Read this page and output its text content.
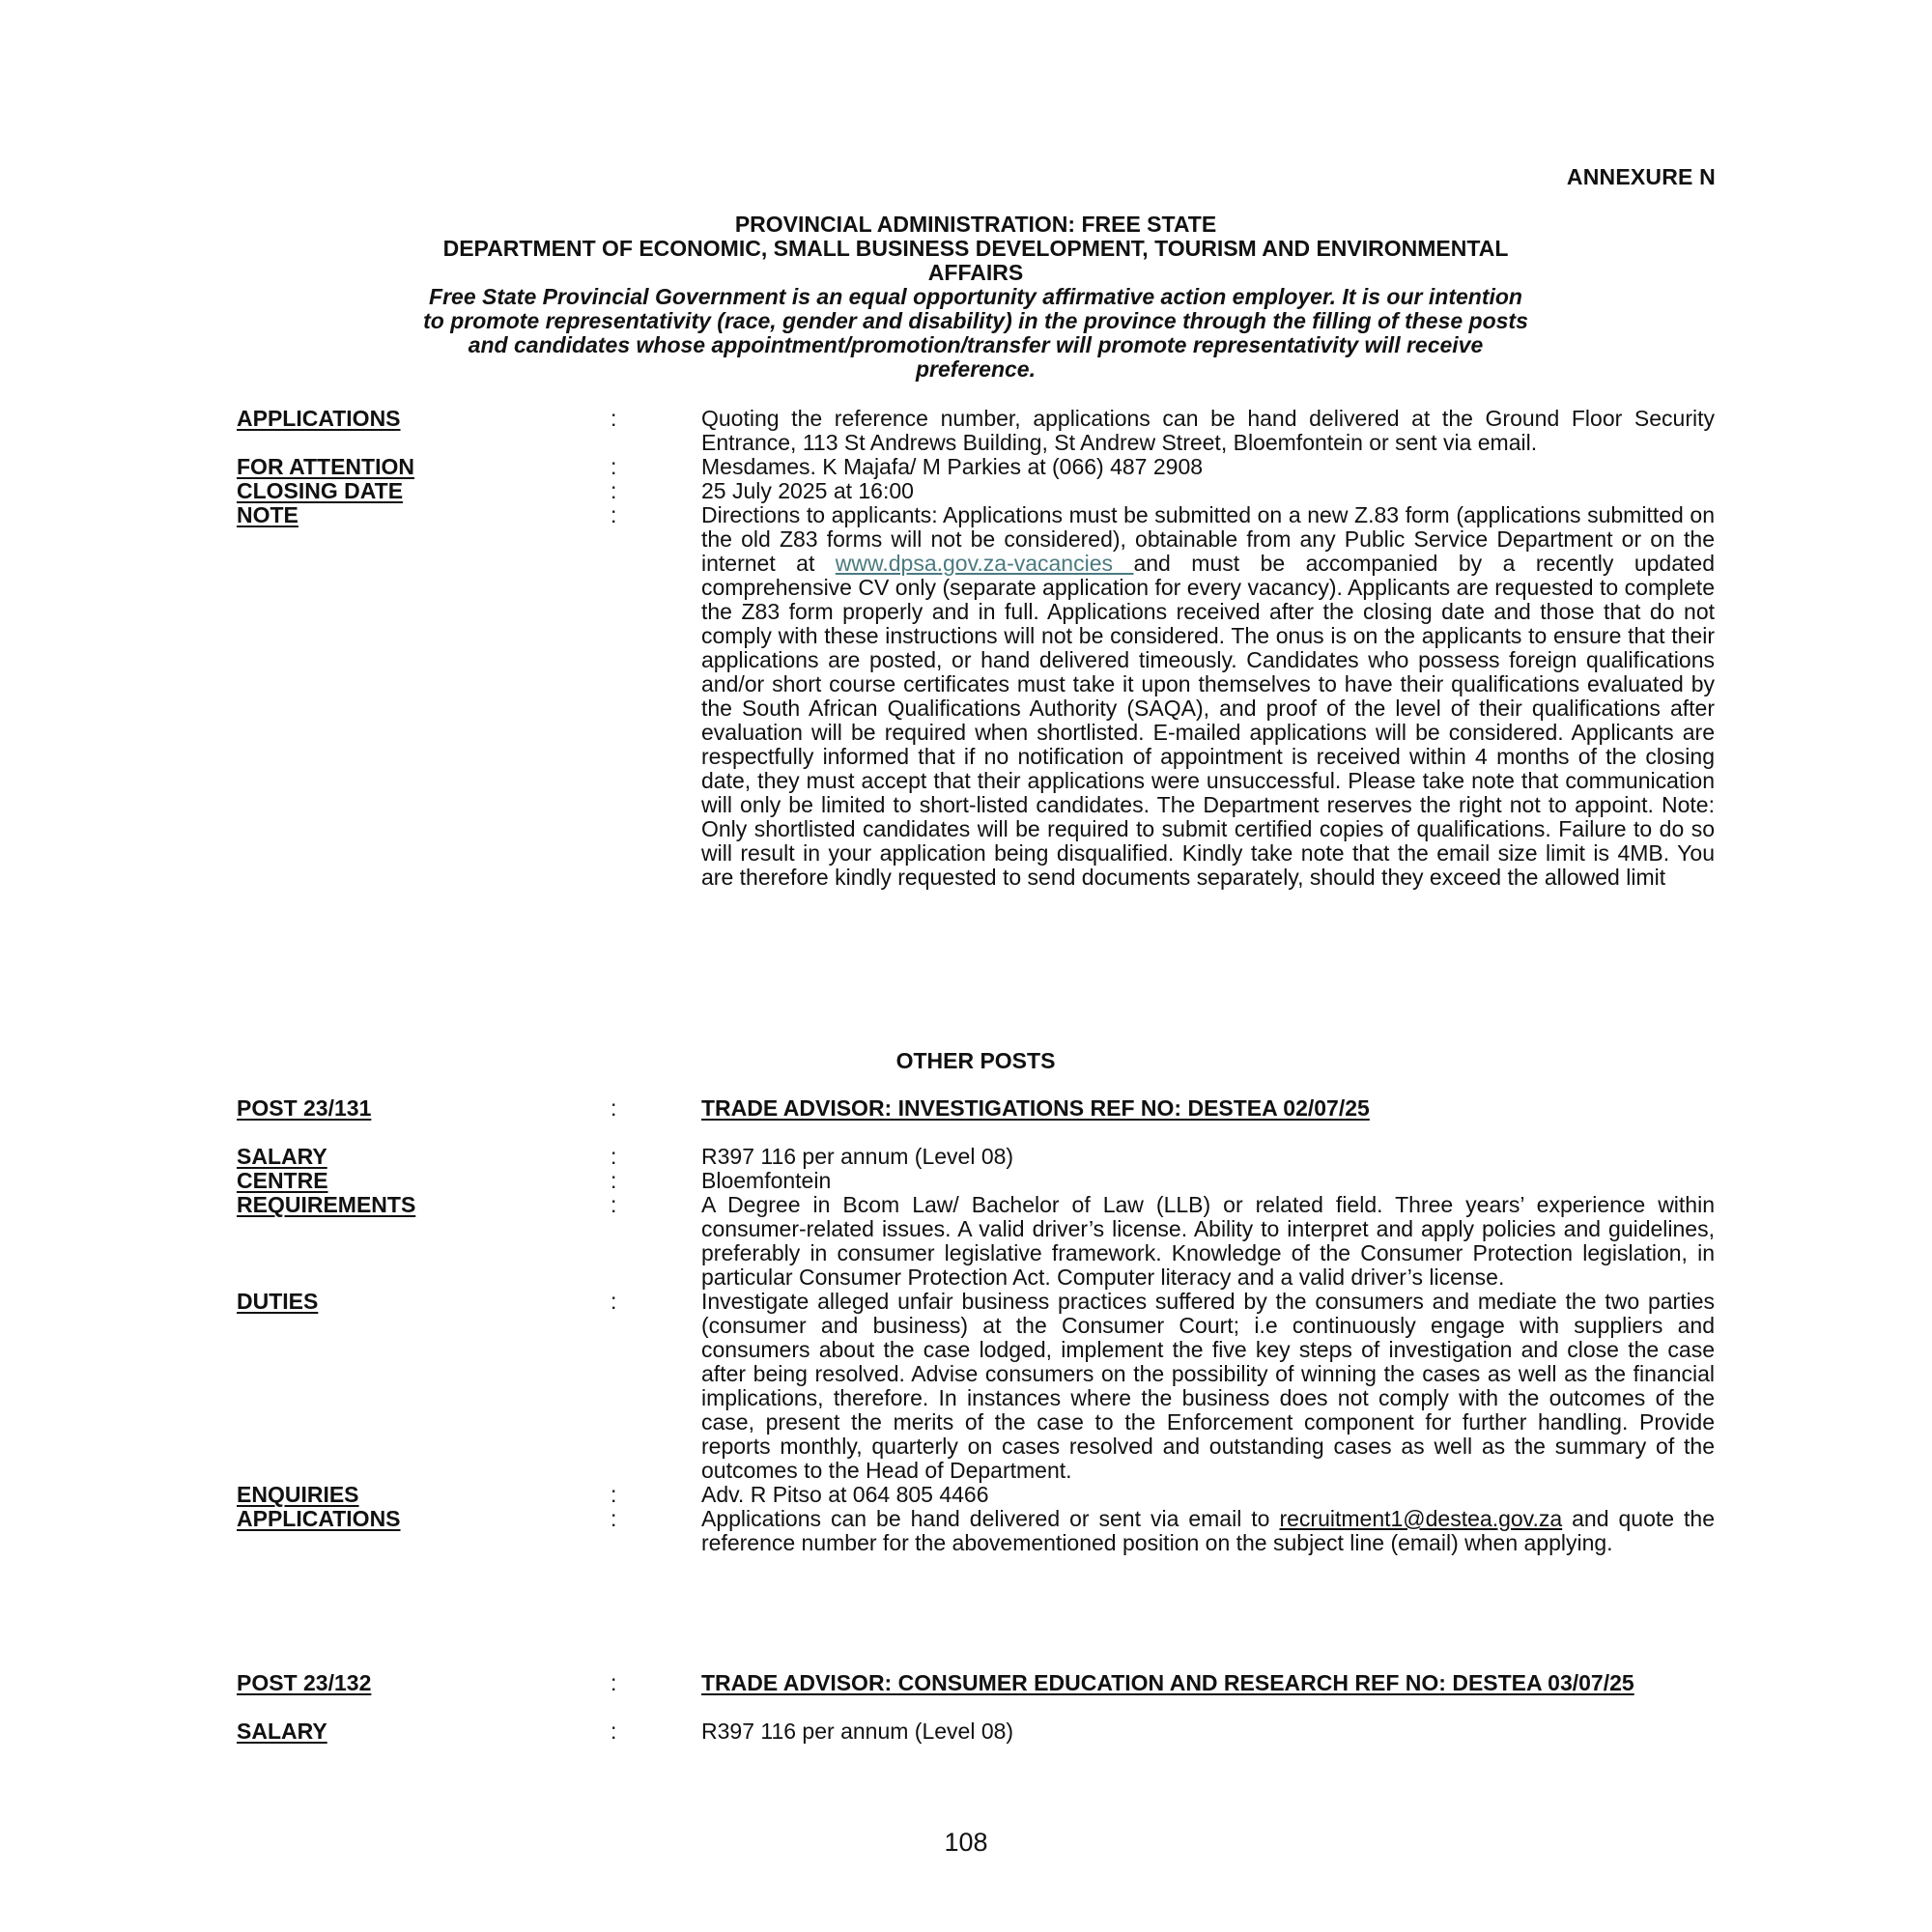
ANNEXURE N
PROVINCIAL ADMINISTRATION: FREE STATE
DEPARTMENT OF ECONOMIC, SMALL BUSINESS DEVELOPMENT, TOURISM AND ENVIRONMENTAL
AFFAIRS
Free State Provincial Government is an equal opportunity affirmative action employer. It is our intention
to promote representativity (race, gender and disability) in the province through the filling of these posts
and candidates whose appointment/promotion/transfer will promote representativity will receive
preference.
APPLICATIONS	:	Quoting the reference number, applications can be hand delivered at the Ground Floor Security Entrance, 113 St Andrews Building, St Andrew Street, Bloemfontein or sent via email.
FOR ATTENTION	:	Mesdames. K Majafa/ M Parkies at (066) 487 2908
CLOSING DATE	:	25 July 2025 at 16:00
NOTE	:	Directions to applicants: Applications must be submitted on a new Z.83 form (applications submitted on the old Z83 forms will not be considered), obtainable from any Public Service Department or on the internet at www.dpsa.gov.za-vacancies and must be accompanied by a recently updated comprehensive CV only (separate application for every vacancy). Applicants are requested to complete the Z83 form properly and in full. Applications received after the closing date and those that do not comply with these instructions will not be considered. The onus is on the applicants to ensure that their applications are posted, or hand delivered timeously. Candidates who possess foreign qualifications and/or short course certificates must take it upon themselves to have their qualifications evaluated by the South African Qualifications Authority (SAQA), and proof of the level of their qualifications after evaluation will be required when shortlisted. E-mailed applications will be considered. Applicants are respectfully informed that if no notification of appointment is received within 4 months of the closing date, they must accept that their applications were unsuccessful. Please take note that communication will only be limited to short-listed candidates. The Department reserves the right not to appoint. Note: Only shortlisted candidates will be required to submit certified copies of qualifications. Failure to do so will result in your application being disqualified. Kindly take note that the email size limit is 4MB. You are therefore kindly requested to send documents separately, should they exceed the allowed limit
OTHER POSTS
POST 23/131	:	TRADE ADVISOR: INVESTIGATIONS REF NO: DESTEA 02/07/25
SALARY	:	R397 116 per annum (Level 08)
CENTRE	:	Bloemfontein
REQUIREMENTS	:	A Degree in Bcom Law/ Bachelor of Law (LLB) or related field. Three years’ experience within consumer-related issues. A valid driver’s license. Ability to interpret and apply policies and guidelines, preferably in consumer legislative framework. Knowledge of the Consumer Protection legislation, in particular Consumer Protection Act. Computer literacy and a valid driver’s license.
DUTIES	:	Investigate alleged unfair business practices suffered by the consumers and mediate the two parties (consumer and business) at the Consumer Court; i.e continuously engage with suppliers and consumers about the case lodged, implement the five key steps of investigation and close the case after being resolved. Advise consumers on the possibility of winning the cases as well as the financial implications, therefore. In instances where the business does not comply with the outcomes of the case, present the merits of the case to the Enforcement component for further handling. Provide reports monthly, quarterly on cases resolved and outstanding cases as well as the summary of the outcomes to the Head of Department.
ENQUIRIES	:	Adv. R Pitso at 064 805 4466
APPLICATIONS	:	Applications can be hand delivered or sent via email to recruitment1@destea.gov.za and quote the reference number for the abovementioned position on the subject line (email) when applying.
POST 23/132	:	TRADE ADVISOR: CONSUMER EDUCATION AND RESEARCH REF NO: DESTEA 03/07/25
SALARY	:	R397 116 per annum (Level 08)
108
